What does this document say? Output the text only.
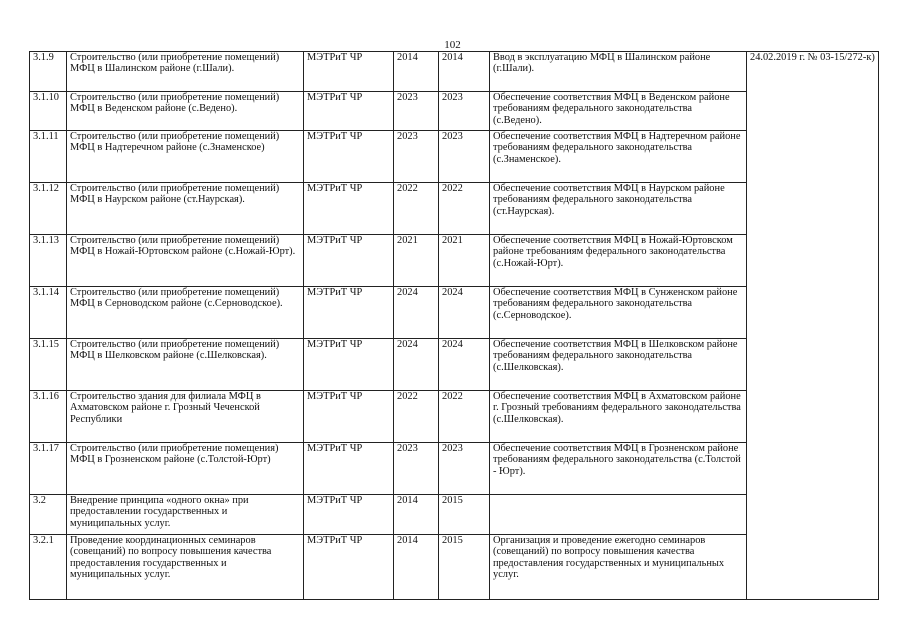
102
3.1.9	Строительство (или приобретение помещений) МФЦ в Шалинском районе (г.Шали).	МЭТРиТ ЧР	2014	2014	Ввод в эксплуатацию МФЦ в Шалинском районе (г.Шали).	24.02.2019 г. № 03-15/272-к)
3.1.10	Строительство (или приобретение помещений) МФЦ в Веденском районе (с.Ведено).	МЭТРиТ ЧР	2023	2023	Обеспечение соответствия МФЦ в Веденском районе требованиям федерального законодательства (с.Ведено).	
3.1.11	Строительство (или приобретение помещений) МФЦ в Надтеречном районе (с.Знаменское)	МЭТРиТ ЧР	2023	2023	Обеспечение соответствия МФЦ в Надтеречном районе требованиям федерального законодательства (с.Знаменское).	
3.1.12	Строительство (или приобретение помещений) МФЦ в Наурском районе (ст.Наурская).	МЭТРиТ ЧР	2022	2022	Обеспечение соответствия МФЦ в Наурском районе требованиям федерального законодательства (ст.Наурская).	
3.1.13	Строительство (или приобретение помещений) МФЦ в Ножай-Юртовском районе (с.Ножай-Юрт).	МЭТРиТ ЧР	2021	2021	Обеспечение соответствия МФЦ в Ножай-Юртовском районе требованиям федерального законодательства (с.Ножай-Юрт).	
3.1.14	Строительство (или приобретение помещений) МФЦ в Серноводском районе (с.Серноводское).	МЭТРиТ ЧР	2024	2024	Обеспечение соответствия МФЦ в Сунженском районе требованиям федерального законодательства (с.Серноводское).	
3.1.15	Строительство (или приобретение помещений) МФЦ в Шелковском районе (с.Шелковская).	МЭТРиТ ЧР	2024	2024	Обеспечение соответствия МФЦ в Шелковском районе требованиям федерального законодательства (с.Шелковская).	
3.1.16	Строительство здания для филиала МФЦ в Ахматовском районе г. Грозный Чеченской Республики	МЭТРиТ ЧР	2022	2022	Обеспечение соответствия МФЦ в Ахматовском районе г. Грозный требованиям федерального законодательства (с.Шелковская).	
3.1.17	Строительство (или приобретение помещения) МФЦ в Грозненском районе (с.Толстой-Юрт)	МЭТРиТ ЧР	2023	2023	Обеспечение соответствия МФЦ в Грозненском районе требованиям федерального законодательства (с.Толстой - Юрт).	
3.2	Внедрение принципа «одного окна» при предоставлении государственных и муниципальных услуг.	МЭТРиТ ЧР	2014	2015		
3.2.1	Проведение координационных семинаров (совещаний) по вопросу повышения качества предоставления государственных и муниципальных услуг.	МЭТРиТ ЧР	2014	2015	Организация и проведение ежегодно семинаров (совещаний) по вопросу повышения качества предоставления государственных и муниципальных услуг.	
